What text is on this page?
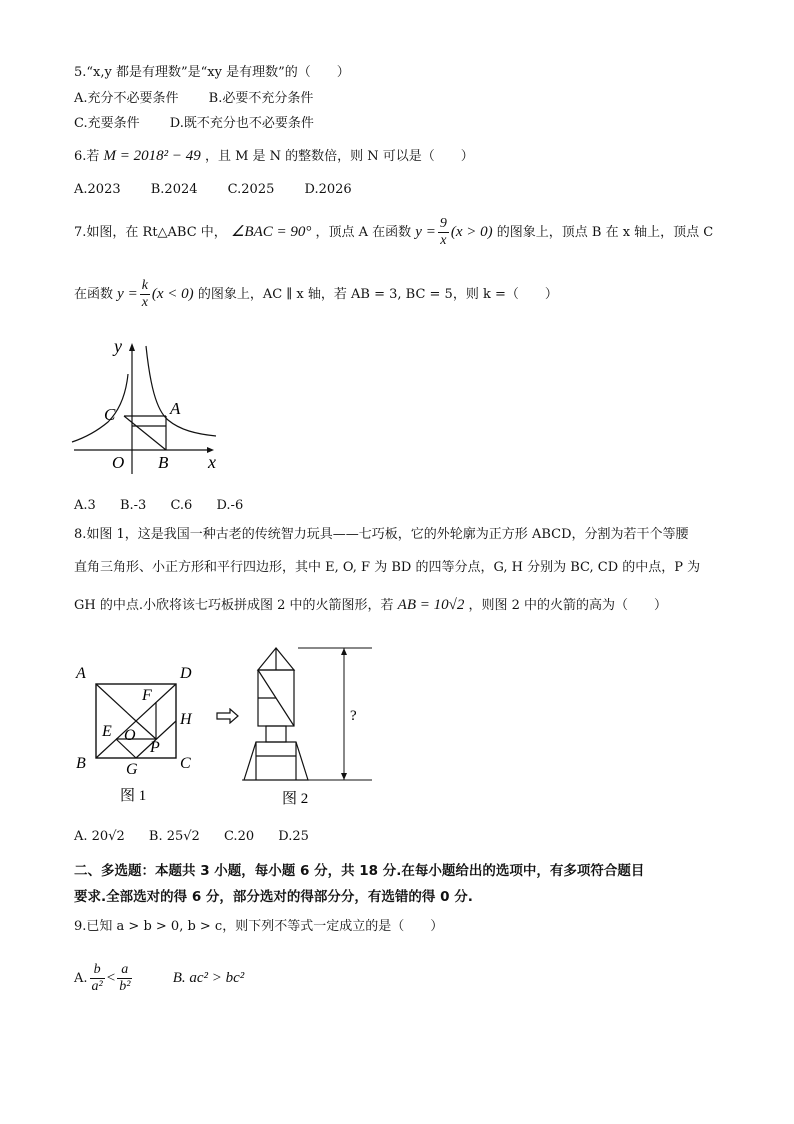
5.“x,y 都是有理数”是“xy 是有理数”的（　　）
A.充分不必要条件 B.必要不充分条件
C.充要条件 D.既不充分也不必要条件
6.若 M = 2018² − 49 ，且 M 是 N 的整数倍，则 N 可以是（　　）
A.2023 B.2024 C.2025 D.2026
7.如图，在 Rt△ABC 中， ∠BAC = 90° ，顶点 A 在函数 $y = \frac{9}{x} (x > 0)$ 的图象上，顶点 B 在 x 轴上，顶点 C
在函数 $y = \frac{k}{x} (x < 0)$ 的图象上，AC ∥ x 轴，若 AB = 3, BC = 5，则 k =（　　）
y
x
O B
C	A
A.3 B.-3 C.6 D.-6
8.如图 1，这是我国一种古老的传统智力玩具——七巧板，它的外轮廓为正方形 ABCD，分割为若干个等腰
直角三角形、小正方形和平行四边形，其中 E, O, F 为 BD 的四等分点，G, H 分别为 BC, CD 的中点，P 为
GH 的中点.小欣将该七巧板拼成图 2 中的火箭图形，若 AB = 10√2 ，则图 2 中的火箭的高为（　　）
A	D
B	C
F
H
E O
P
G
图 1
?
图 2
A. 20√2 B. 25√2 C.20 D.25
二、多选题：本题共 3 小题，每小题 6 分，共 18 分.在每小题给出的选项中，有多项符合题目
要求.全部选对的得 6 分，部分选对的得部分分，有选错的得 0 分.
9.已知 a > b > 0, b > c，则下列不等式一定成立的是（　　）
A. $\frac{b}{\text{a²}} < \frac{a}{\text{b²}}$	B. ac² > bc²
